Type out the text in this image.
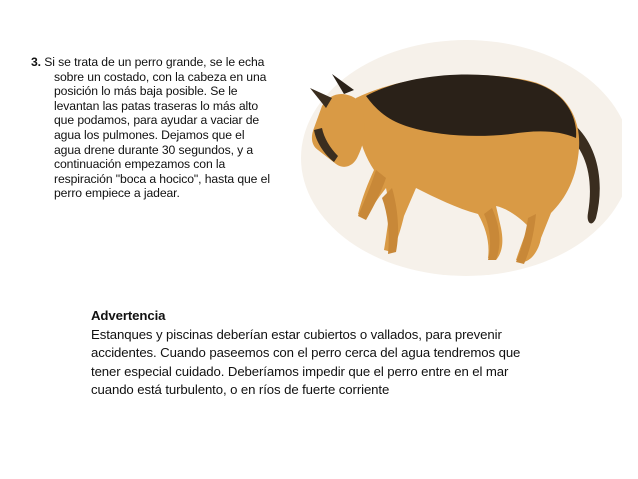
3. Si se trata de un perro grande, se le echa
sobre un costado, con la cabeza en una
posición lo más baja posible. Se le
levantan las patas traseras lo más alto
que podamos, para ayudar a vaciar de
agua los pulmones. Dejamos que el
agua drene durante 30 segundos, y a
continuación empezamos con la
respiración "boca a hocico", hasta que el
perro empiece a jadear.
Advertencia
Estanques y piscinas deberían estar cubiertos o vallados, para prevenir
accidentes. Cuando paseemos con el perro cerca del agua tendremos que
tener especial cuidado. Deberíamos impedir que el perro entre en el mar
cuando está turbulento, o en ríos de fuerte corriente
